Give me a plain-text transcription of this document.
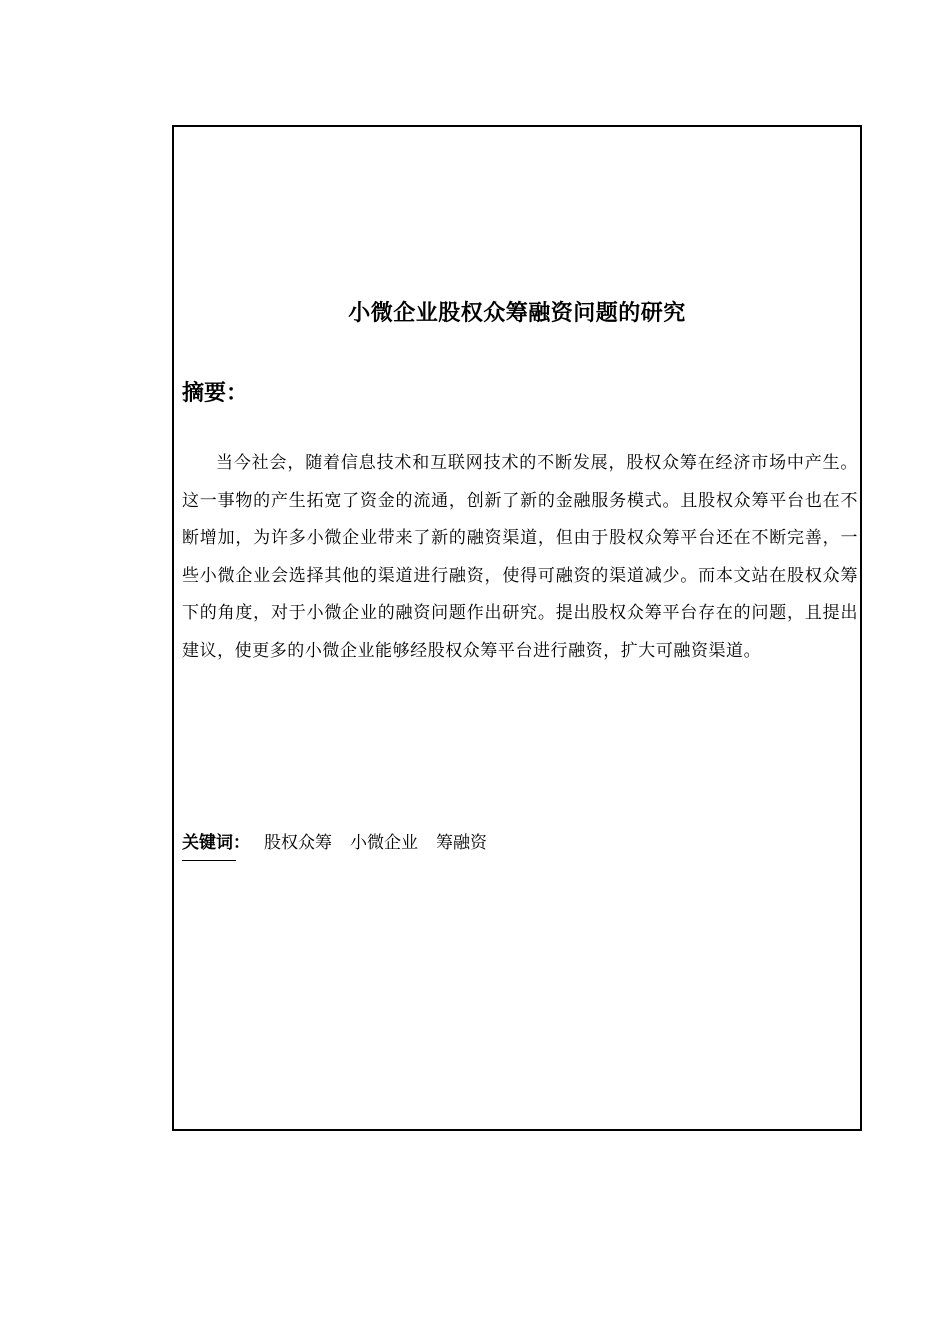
小微企业股权众筹融资问题的研究
摘要：

当今社会，随着信息技术和互联网技术的不断发展，股权众筹在经济市场中产生。这一事物的产生拓宽了资金的流通，创新了新的金融服务模式。且股权众筹平台也在不断增加，为许多小微企业带来了新的融资渠道，但由于股权众筹平台还在不断完善，一些小微企业会选择其他的渠道进行融资，使得可融资的渠道减少。而本文站在股权众筹下的角度，对于小微企业的融资问题作出研究。提出股权众筹平台存在的问题，且提出建议，使更多的小微企业能够经股权众筹平台进行融资，扩大可融资渠道。

关键词： 股权众筹 小微企业 筹融资
